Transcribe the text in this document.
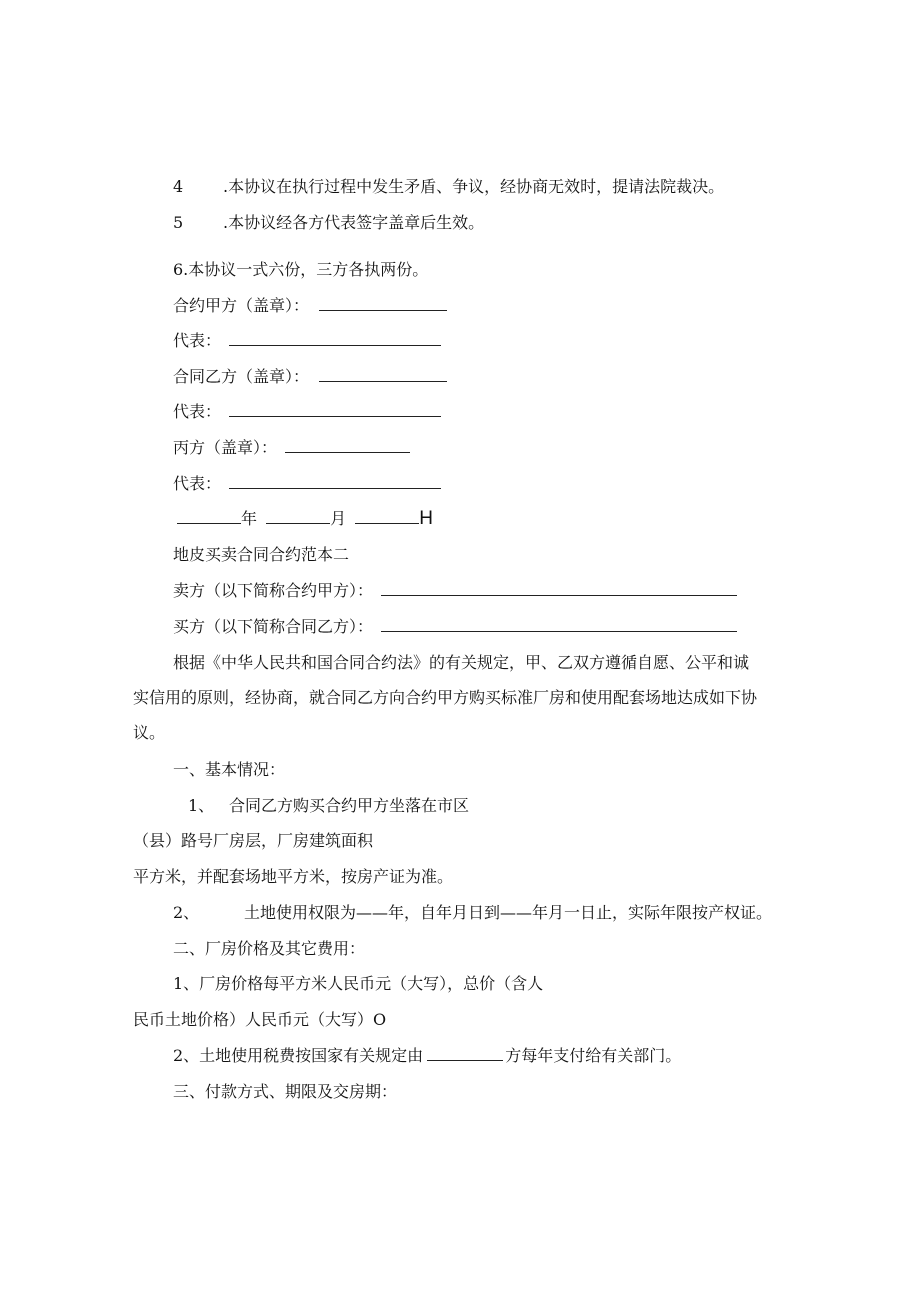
4 .本协议在执行过程中发生矛盾、争议，经协商无效时，提请法院裁决。
5 .本协议经各方代表签字盖章后生效。
6.本协议一式六份，三方各执两份。
合约甲方（盖章）：
代表：
合同乙方（盖章）：
代表：
丙方（盖章）：
代表：
年	月	H
地皮买卖合同合约范本二
卖方（以下简称合约甲方）：
买方（以下简称合同乙方）：
根据《中华人民共和国合同合约法》的有关规定，甲、乙双方遵循自愿、公平和诚
实信用的原则，经协商，就合同乙方向合约甲方购买标准厂房和使用配套场地达成如下协
议。
一、基本情况：
1、 合同乙方购买合约甲方坐落在市区
（县）路号厂房层，厂房建筑面积
平方米，并配套场地平方米，按房产证为准。
2、	土地使用权限为——年，自年月日到——年月一日止，实际年限按产权证。
二、厂房价格及其它费用：
1、厂房价格每平方米人民币元（大写），总价（含人
民币土地价格）人民币元（大写）O
2、土地使用税费按国家有关规定由	方每年支付给有关部门。
三、付款方式、期限及交房期：
